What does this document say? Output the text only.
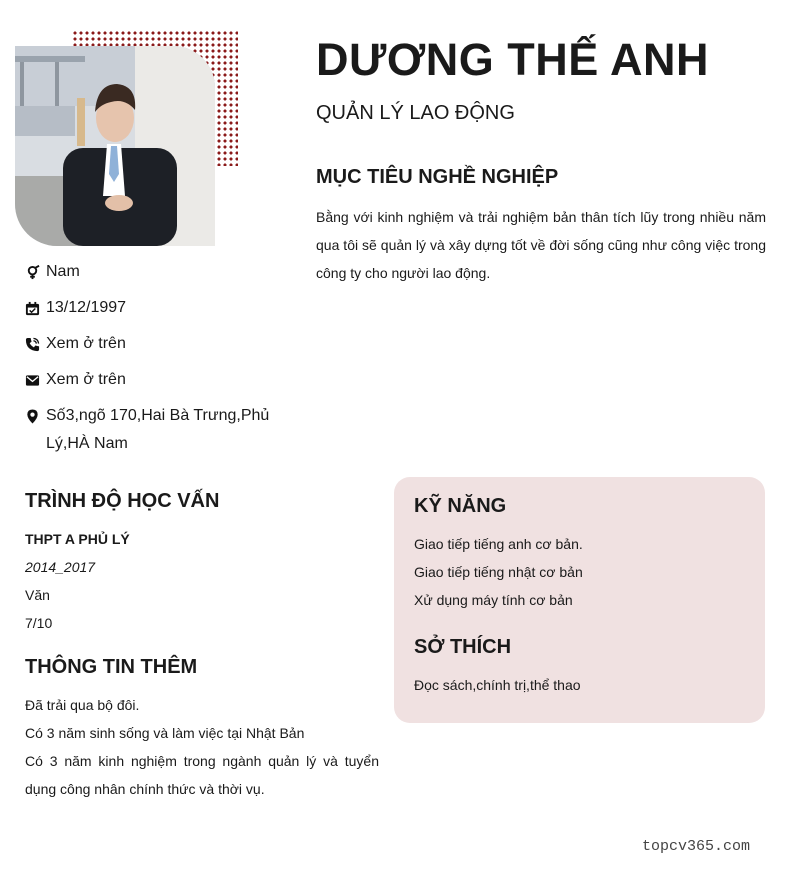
Nam
13/12/1997
Xem ở trên
Xem ở trên
Số3,ngõ 170,Hai Bà Trưng,Phủ Lý,HÀ Nam
DƯƠNG THẾ ANH
QUẢN LÝ LAO ĐỘNG
MỤC TIÊU NGHỀ NGHIỆP

Bằng với kinh nghiệm và trải nghiệm bản thân tích lũy trong nhiều năm qua tôi sẽ quản lý và xây dựng tốt về đời sống cũng như công việc trong công ty cho người lao động.

TRÌNH ĐỘ HỌC VẤN
THPT A PHỦ LÝ
2014_2017
Văn
7/10
THÔNG TIN THÊM
Đã trải qua bộ đôi.
Có 3 năm sinh sống và làm việc tại Nhật Bản
Có 3 năm kinh nghiệm trong ngành quản lý và tuyển dụng công nhân chính thức và thời vụ.
KỸ NĂNG
Giao tiếp tiếng anh cơ bản.
Giao tiếp tiếng nhật cơ bản
Xử dụng máy tính cơ bản
SỞ THÍCH
Đọc sách,chính trị,thể thao
topcv365.com
